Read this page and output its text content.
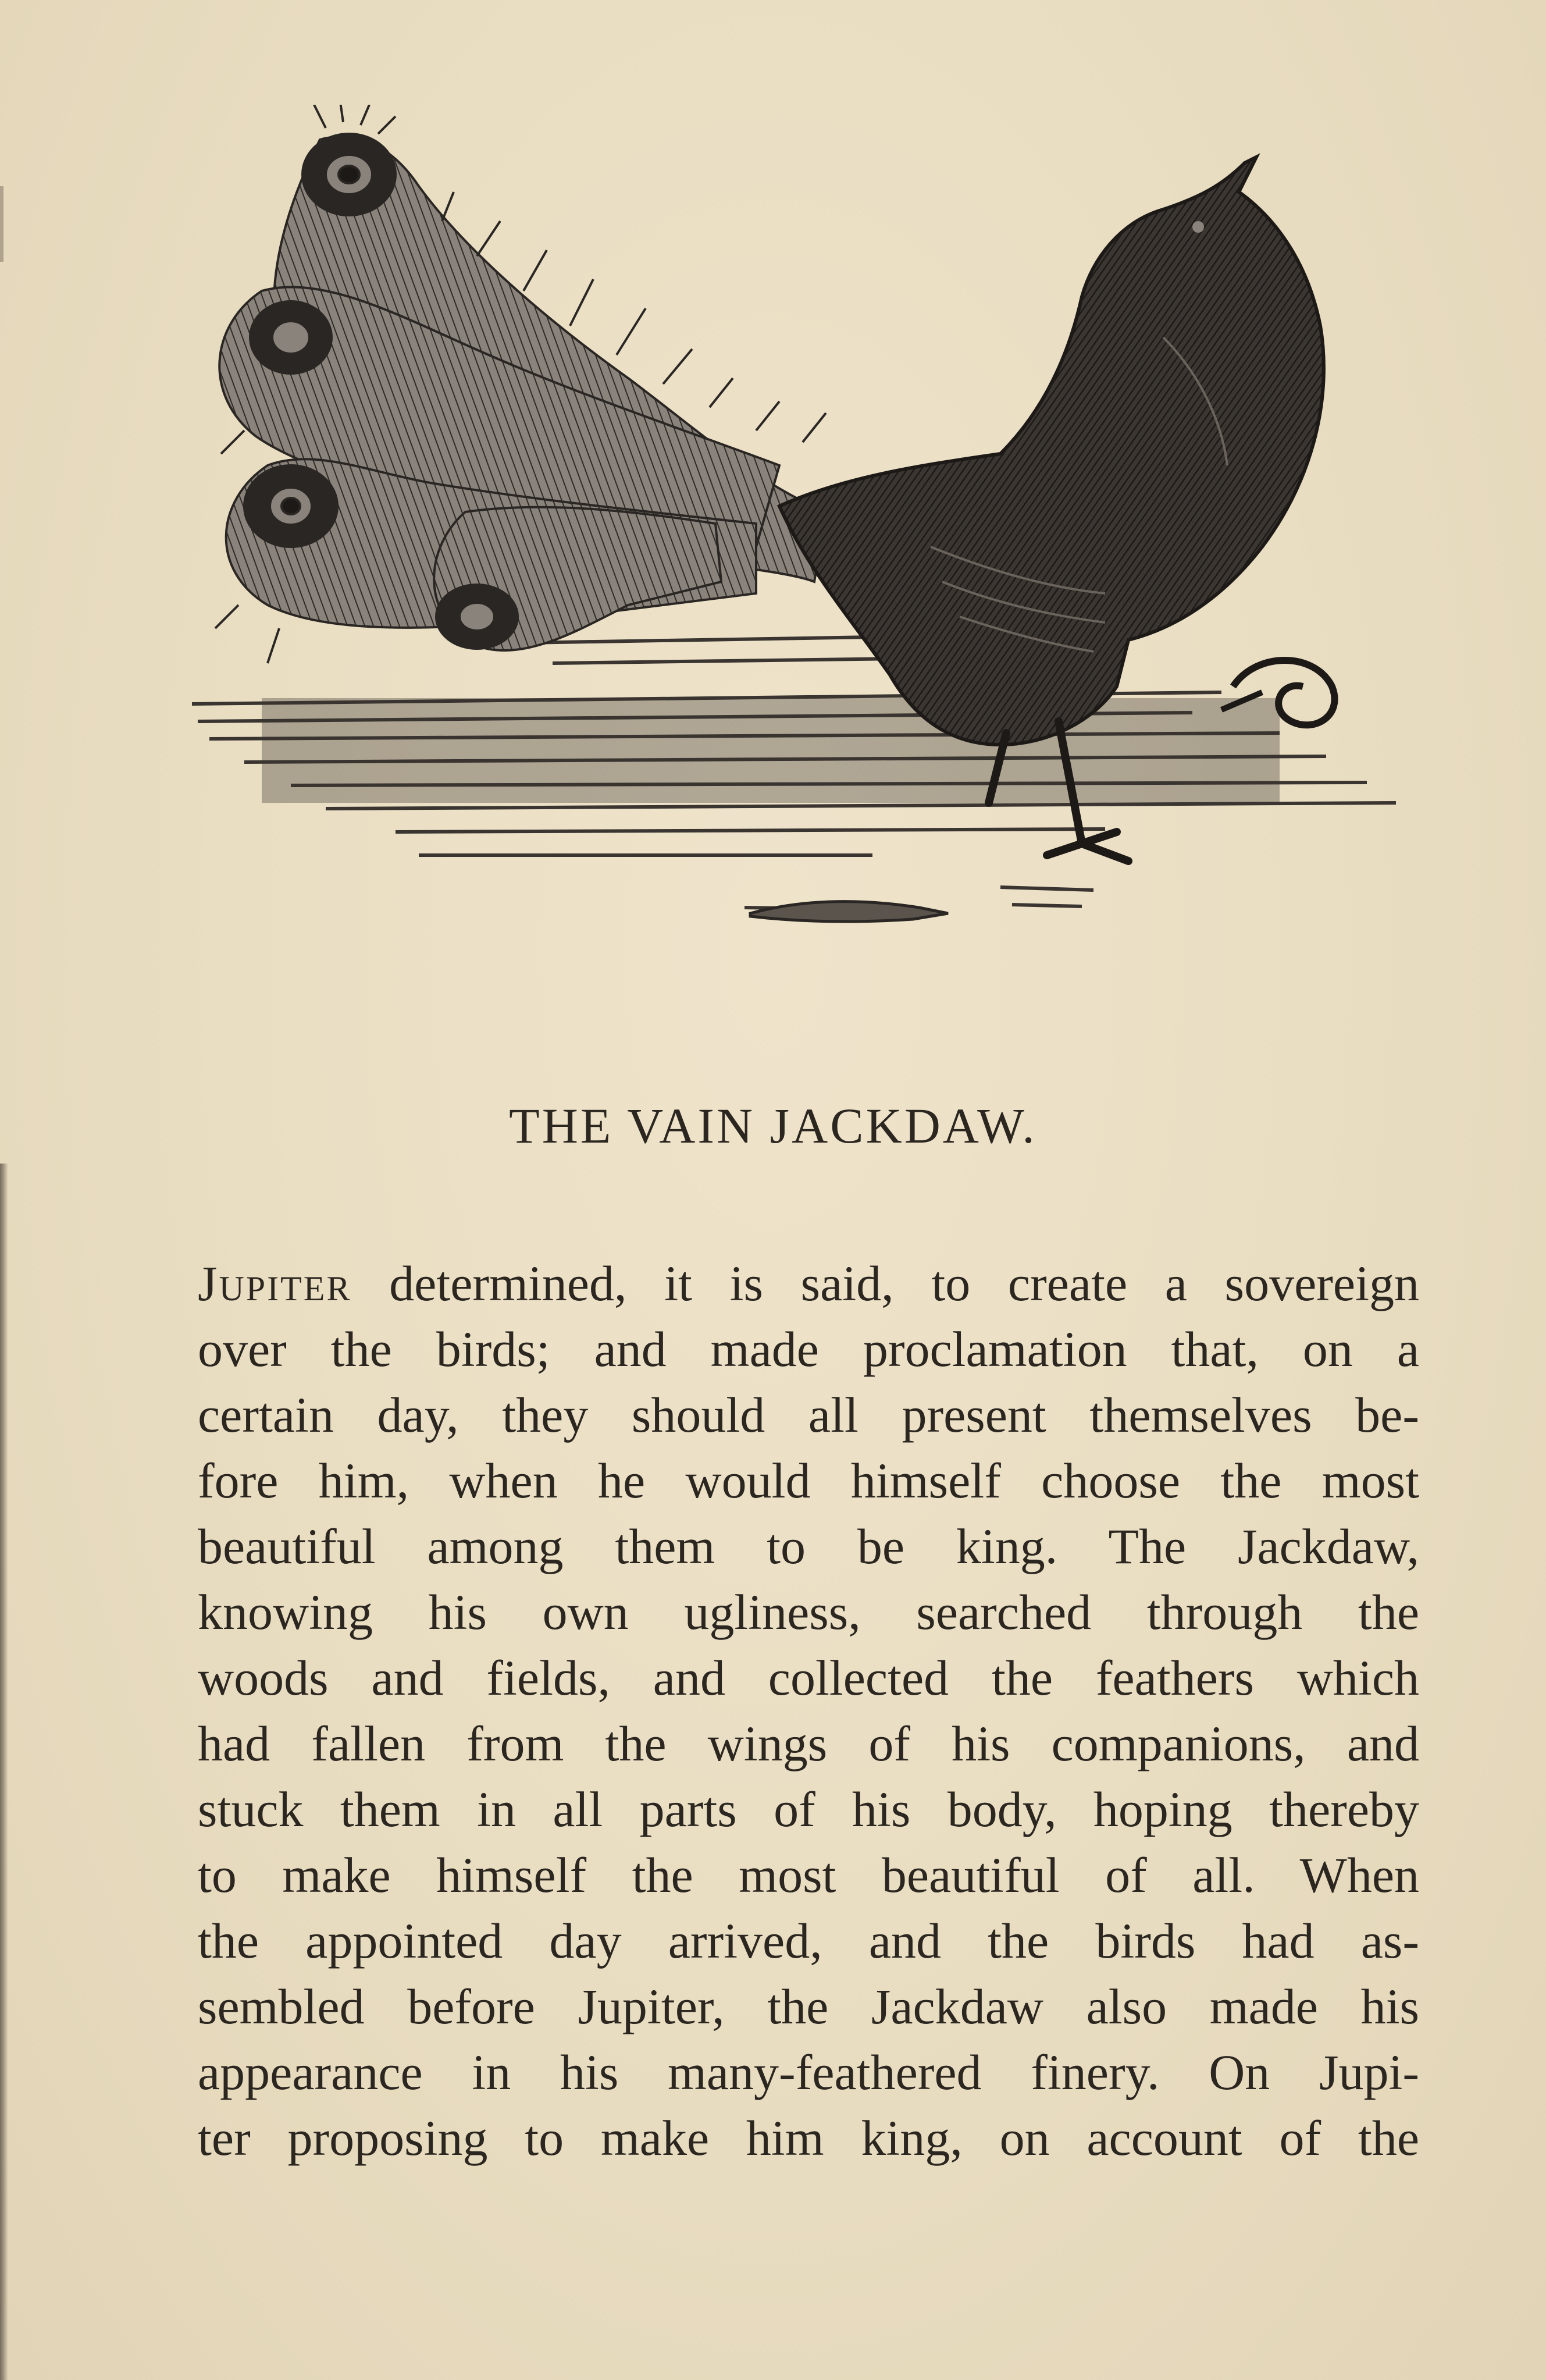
THE VAIN JACKDAW.
Jupiter determined, it is said, to create a sovereign
over the birds; and made proclamation that, on a
certain day, they should all present themselves be-
fore him, when he would himself choose the most
beautiful among them to be king. The Jackdaw,
knowing his own ugliness, searched through the
woods and fields, and collected the feathers which
had fallen from the wings of his companions, and
stuck them in all parts of his body, hoping thereby
to make himself the most beautiful of all. When
the appointed day arrived, and the birds had as-
sembled before Jupiter, the Jackdaw also made his
appearance in his many-feathered finery. On Jupi-
ter proposing to make him king, on account of the
